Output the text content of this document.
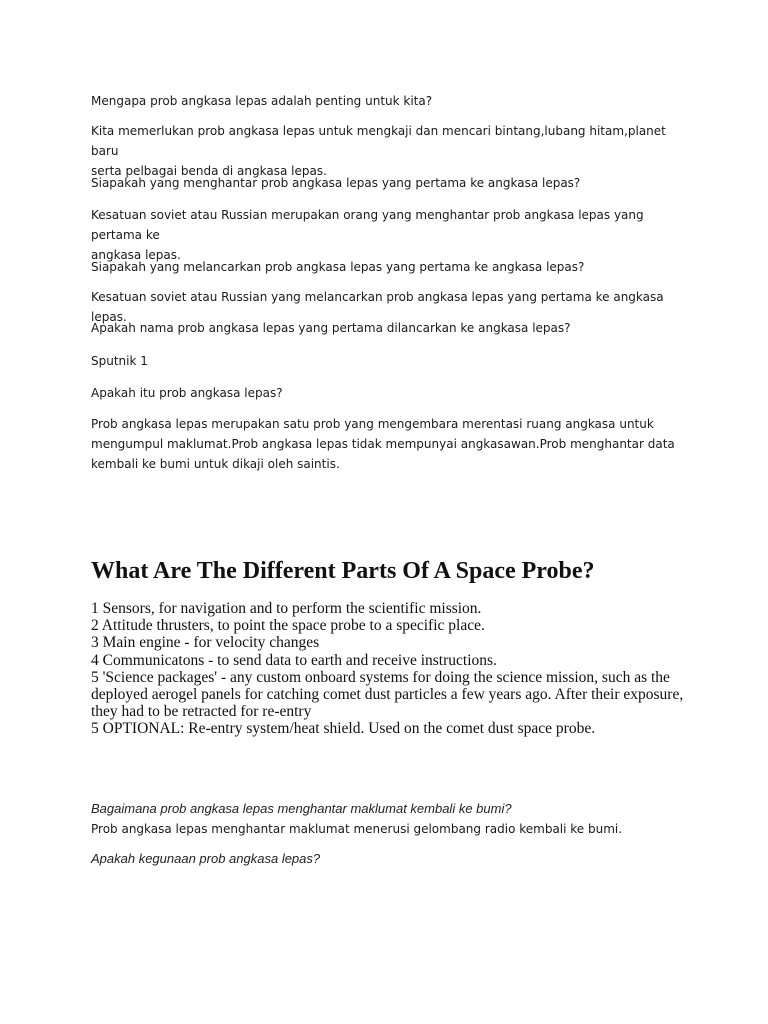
Mengapa prob angkasa lepas adalah penting untuk kita?

Kita memerlukan prob angkasa lepas untuk mengkaji dan mencari bintang,lubang hitam,planet baru
serta pelbagai benda di angkasa lepas.

Siapakah yang menghantar prob angkasa lepas yang pertama ke angkasa lepas?

Kesatuan soviet atau Russian merupakan orang yang menghantar prob angkasa lepas yang pertama ke
angkasa lepas.

Siapakah yang melancarkan prob angkasa lepas yang pertama ke angkasa lepas?

Kesatuan soviet atau Russian yang melancarkan prob angkasa lepas yang pertama ke angkasa lepas.

Apakah nama prob angkasa lepas yang pertama dilancarkan ke angkasa lepas?

Sputnik 1

Apakah itu prob angkasa lepas?

Prob angkasa lepas merupakan satu prob yang mengembara merentasi ruang angkasa untuk
mengumpul maklumat.Prob angkasa lepas tidak mempunyai angkasawan.Prob menghantar data
kembali ke bumi untuk dikaji oleh saintis.

What Are The Different Parts Of A Space Probe?
1 Sensors, for navigation and to perform the scientific mission.
2 Attitude thrusters, to point the space probe to a specific place.
3 Main engine - for velocity changes
4 Communicatons - to send data to earth and receive instructions.
5 'Science packages' - any custom onboard systems for doing the science mission, such as the
deployed aerogel panels for catching comet dust particles a few years ago. After their exposure,
they had to be retracted for re-entry
5 OPTIONAL: Re-entry system/heat shield. Used on the comet dust space probe.

Bagaimana prob angkasa lepas menghantar maklumat kembali ke bumi?

Prob angkasa lepas menghantar maklumat menerusi gelombang radio kembali ke bumi.

Apakah kegunaan prob angkasa lepas?
